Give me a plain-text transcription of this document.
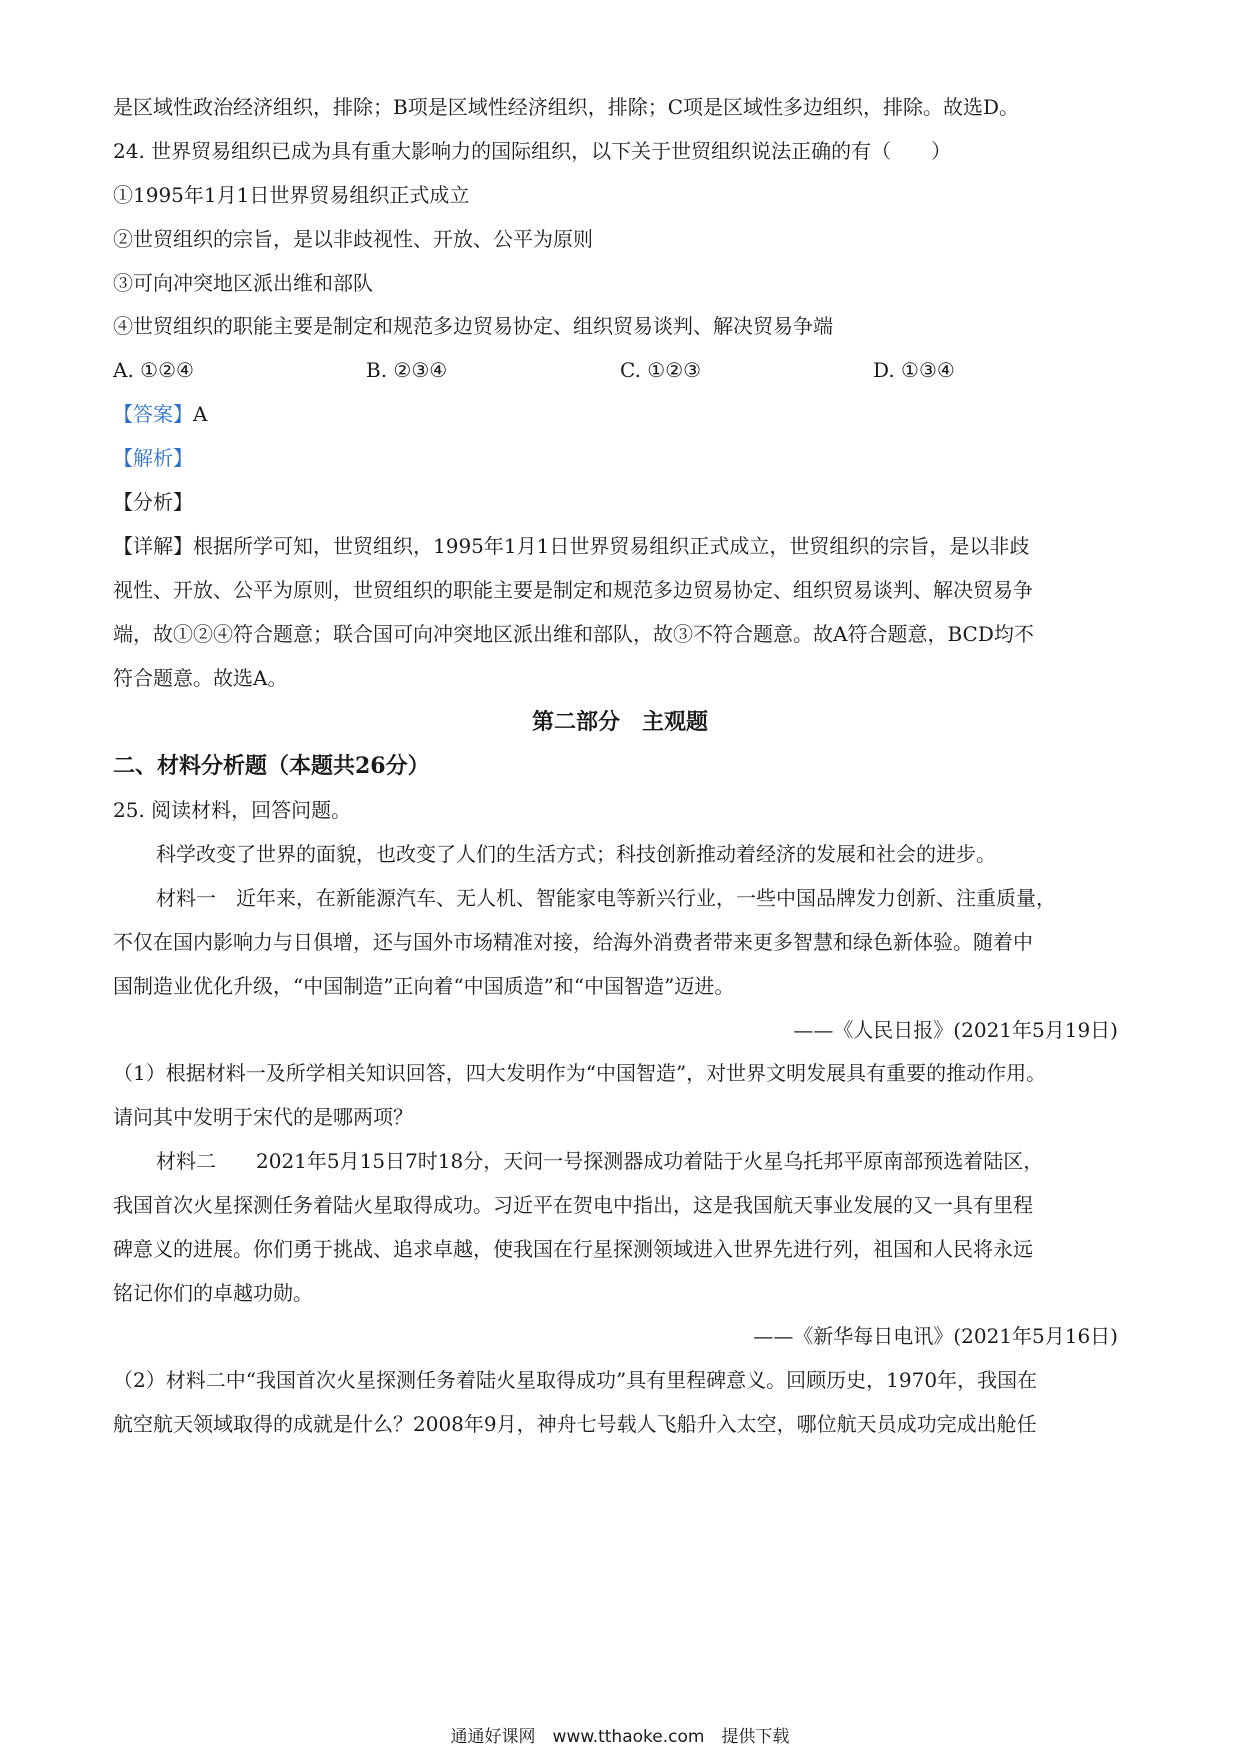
是区域性政治经济组织，排除；B项是区域性经济组织，排除；C项是区域性多边组织，排除。故选D。
24. 世界贸易组织已成为具有重大影响力的国际组织，以下关于世贸组织说法正确的有（　　）
①1995年1月1日世界贸易组织正式成立
②世贸组织的宗旨，是以非歧视性、开放、公平为原则
③可向冲突地区派出维和部队
④世贸组织的职能主要是制定和规范多边贸易协定、组织贸易谈判、解决贸易争端
A. ①②④	B. ②③④	C. ①②③	D. ①③④
【答案】A
【解析】
【分析】
【详解】根据所学可知，世贸组织，1995年1月1日世界贸易组织正式成立，世贸组织的宗旨，是以非歧
视性、开放、公平为原则，世贸组织的职能主要是制定和规范多边贸易协定、组织贸易谈判、解决贸易争
端，故①②④符合题意；联合国可向冲突地区派出维和部队，故③不符合题意。故A符合题意，BCD均不
符合题意。故选A。
第二部分　主观题
二、材料分析题（本题共26分）
25. 阅读材料，回答问题。
科学改变了世界的面貌，也改变了人们的生活方式；科技创新推动着经济的发展和社会的进步。
材料一　近年来，在新能源汽车、无人机、智能家电等新兴行业，一些中国品牌发力创新、注重质量，
不仅在国内影响力与日俱增，还与国外市场精准对接，给海外消费者带来更多智慧和绿色新体验。随着中
国制造业优化升级，“中国制造”正向着“中国质造”和“中国智造”迈进。
——《人民日报》(2021年5月19日)
（1）根据材料一及所学相关知识回答，四大发明作为“中国智造”，对世界文明发展具有重要的推动作用。
请问其中发明于宋代的是哪两项？
材料二　　2021年5月15日7时18分，天问一号探测器成功着陆于火星乌托邦平原南部预选着陆区，
我国首次火星探测任务着陆火星取得成功。习近平在贺电中指出，这是我国航天事业发展的又一具有里程
碑意义的进展。你们勇于挑战、追求卓越，使我国在行星探测领域进入世界先进行列，祖国和人民将永远
铭记你们的卓越功勋。
——《新华每日电讯》(2021年5月16日)
（2）材料二中“我国首次火星探测任务着陆火星取得成功”具有里程碑意义。回顾历史，1970年，我国在
航空航天领域取得的成就是什么？2008年9月，神舟七号载人飞船升入太空，哪位航天员成功完成出舱任
通通好课网　www.tthaoke.com　提供下载
